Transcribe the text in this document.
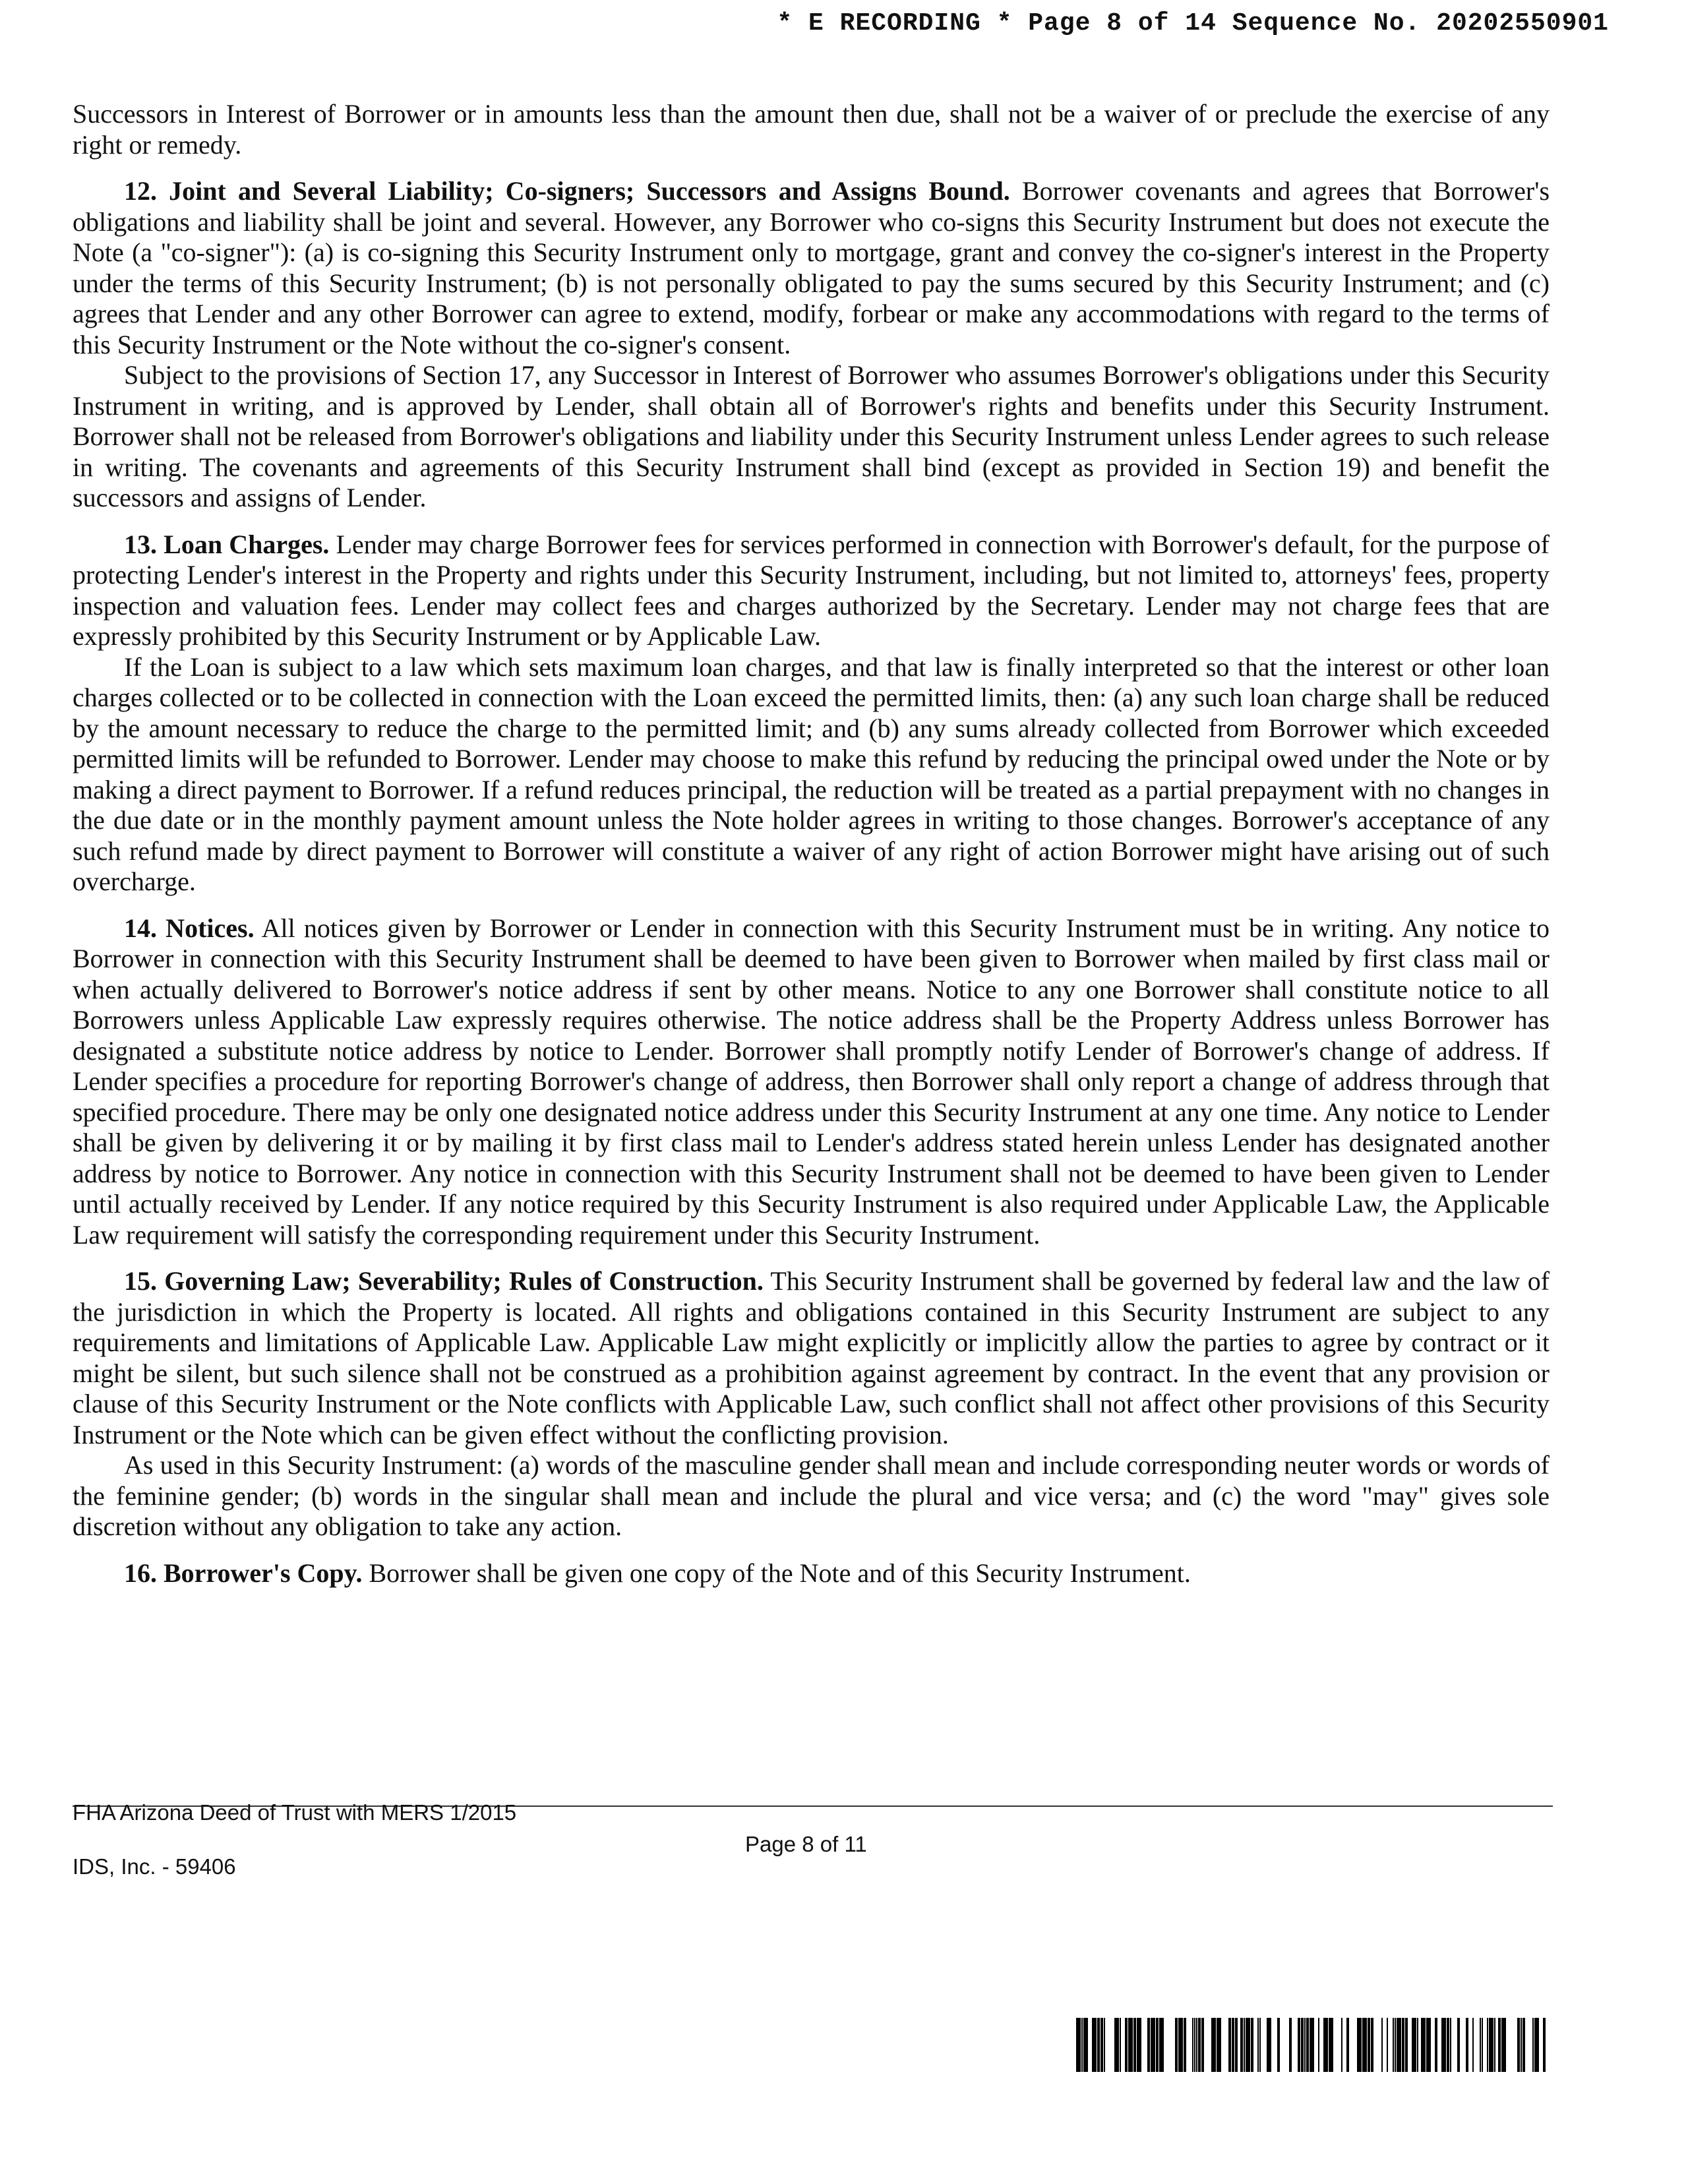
* E RECORDING * Page 8 of 14 Sequence No. 20202550901

Successors in Interest of Borrower or in amounts less than the amount then due, shall not be a waiver of or preclude the exercise of any right or remedy.

12. Joint and Several Liability; Co-signers; Successors and Assigns Bound. Borrower covenants and agrees that Borrower's obligations and liability shall be joint and several. However, any Borrower who co-signs this Security Instrument but does not execute the Note (a "co-signer"): (a) is co-signing this Security Instrument only to mortgage, grant and convey the co-signer's interest in the Property under the terms of this Security Instrument; (b) is not personally obligated to pay the sums secured by this Security Instrument; and (c) agrees that Lender and any other Borrower can agree to extend, modify, forbear or make any accommodations with regard to the terms of this Security Instrument or the Note without the co-signer's consent.

Subject to the provisions of Section 17, any Successor in Interest of Borrower who assumes Borrower's obligations under this Security Instrument in writing, and is approved by Lender, shall obtain all of Borrower's rights and benefits under this Security Instrument. Borrower shall not be released from Borrower's obligations and liability under this Security Instrument unless Lender agrees to such release in writing. The covenants and agreements of this Security Instrument shall bind (except as provided in Section 19) and benefit the successors and assigns of Lender.

13. Loan Charges. Lender may charge Borrower fees for services performed in connection with Borrower's default, for the purpose of protecting Lender's interest in the Property and rights under this Security Instrument, including, but not limited to, attorneys' fees, property inspection and valuation fees. Lender may collect fees and charges authorized by the Secretary. Lender may not charge fees that are expressly prohibited by this Security Instrument or by Applicable Law.

If the Loan is subject to a law which sets maximum loan charges, and that law is finally interpreted so that the interest or other loan charges collected or to be collected in connection with the Loan exceed the permitted limits, then: (a) any such loan charge shall be reduced by the amount necessary to reduce the charge to the permitted limit; and (b) any sums already collected from Borrower which exceeded permitted limits will be refunded to Borrower. Lender may choose to make this refund by reducing the principal owed under the Note or by making a direct payment to Borrower. If a refund reduces principal, the reduction will be treated as a partial prepayment with no changes in the due date or in the monthly payment amount unless the Note holder agrees in writing to those changes. Borrower's acceptance of any such refund made by direct payment to Borrower will constitute a waiver of any right of action Borrower might have arising out of such overcharge.

14. Notices. All notices given by Borrower or Lender in connection with this Security Instrument must be in writing. Any notice to Borrower in connection with this Security Instrument shall be deemed to have been given to Borrower when mailed by first class mail or when actually delivered to Borrower's notice address if sent by other means. Notice to any one Borrower shall constitute notice to all Borrowers unless Applicable Law expressly requires otherwise. The notice address shall be the Property Address unless Borrower has designated a substitute notice address by notice to Lender. Borrower shall promptly notify Lender of Borrower's change of address. If Lender specifies a procedure for reporting Borrower's change of address, then Borrower shall only report a change of address through that specified procedure. There may be only one designated notice address under this Security Instrument at any one time. Any notice to Lender shall be given by delivering it or by mailing it by first class mail to Lender's address stated herein unless Lender has designated another address by notice to Borrower. Any notice in connection with this Security Instrument shall not be deemed to have been given to Lender until actually received by Lender. If any notice required by this Security Instrument is also required under Applicable Law, the Applicable Law requirement will satisfy the corresponding requirement under this Security Instrument.

15. Governing Law; Severability; Rules of Construction. This Security Instrument shall be governed by federal law and the law of the jurisdiction in which the Property is located. All rights and obligations contained in this Security Instrument are subject to any requirements and limitations of Applicable Law. Applicable Law might explicitly or implicitly allow the parties to agree by contract or it might be silent, but such silence shall not be construed as a prohibition against agreement by contract. In the event that any provision or clause of this Security Instrument or the Note conflicts with Applicable Law, such conflict shall not affect other provisions of this Security Instrument or the Note which can be given effect without the conflicting provision.

As used in this Security Instrument: (a) words of the masculine gender shall mean and include corresponding neuter words or words of the feminine gender; (b) words in the singular shall mean and include the plural and vice versa; and (c) the word "may" gives sole discretion without any obligation to take any action.

16. Borrower's Copy. Borrower shall be given one copy of the Note and of this Security Instrument.

FHA Arizona Deed of Trust with MERS 1/2015
Page 8 of 11
IDS, Inc. - 59406
